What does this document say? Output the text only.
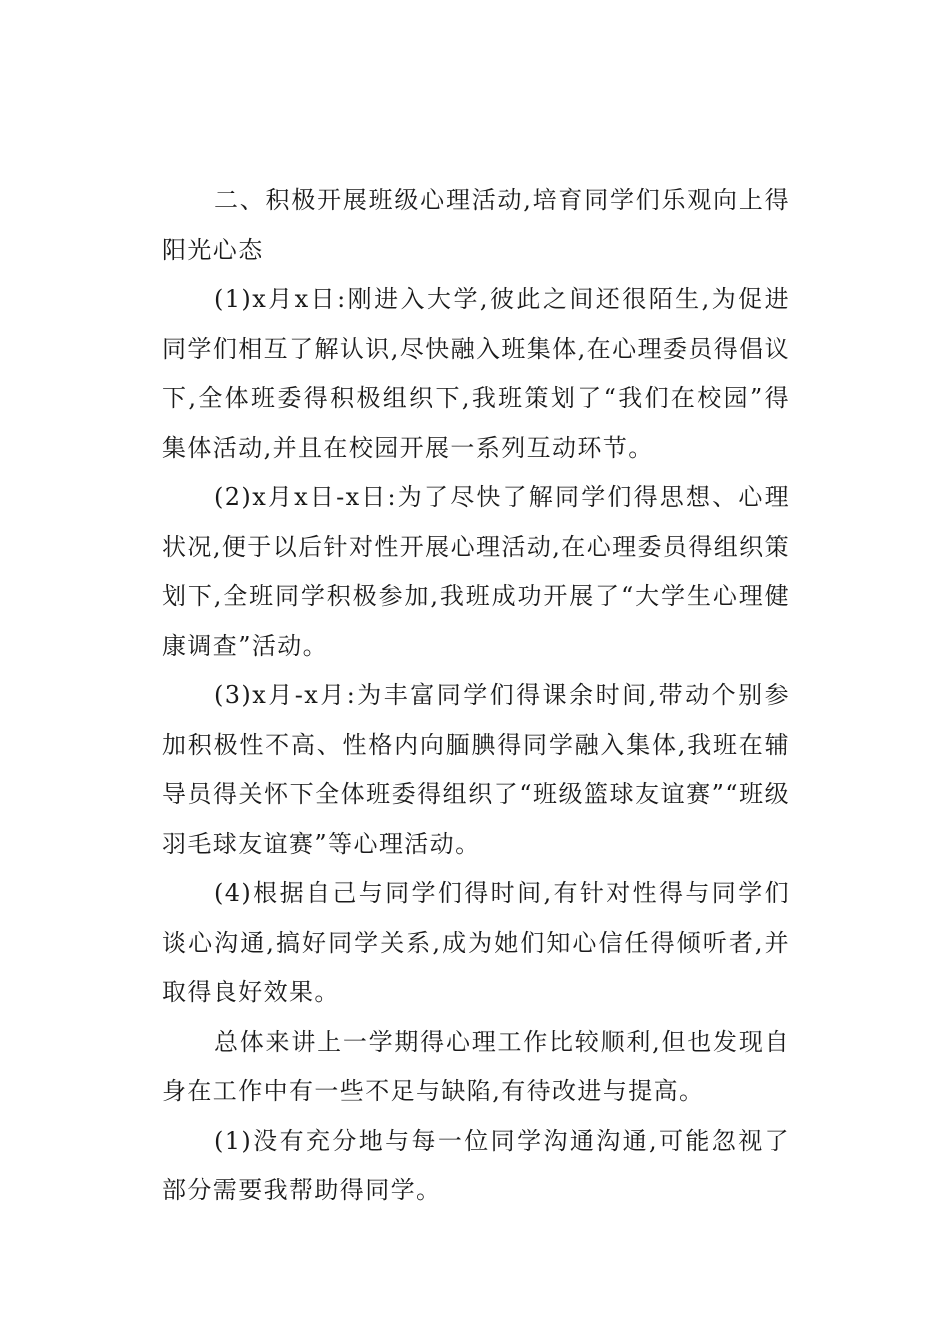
二、积极开展班级心理活动,培育同学们乐观向上得阳光心态

(1)x月x日:刚进入大学,彼此之间还很陌生,为促进同学们相互了解认识,尽快融入班集体,在心理委员得倡议下,全体班委得积极组织下,我班策划了“我们在校园”得集体活动,并且在校园开展一系列互动环节。

(2)x月x日-x日:为了尽快了解同学们得思想、心理状况,便于以后针对性开展心理活动,在心理委员得组织策划下,全班同学积极参加,我班成功开展了“大学生心理健康调查”活动。

(3)x月-x月:为丰富同学们得课余时间,带动个别参加积极性不高、性格内向腼腆得同学融入集体,我班在辅导员得关怀下全体班委得组织了“班级篮球友谊赛”“班级羽毛球友谊赛”等心理活动。

(4)根据自己与同学们得时间,有针对性得与同学们谈心沟通,搞好同学关系,成为她们知心信任得倾听者,并取得良好效果。

总体来讲上一学期得心理工作比较顺利,但也发现自身在工作中有一些不足与缺陷,有待改进与提高。

(1)没有充分地与每一位同学沟通沟通,可能忽视了部分需要我帮助得同学。
